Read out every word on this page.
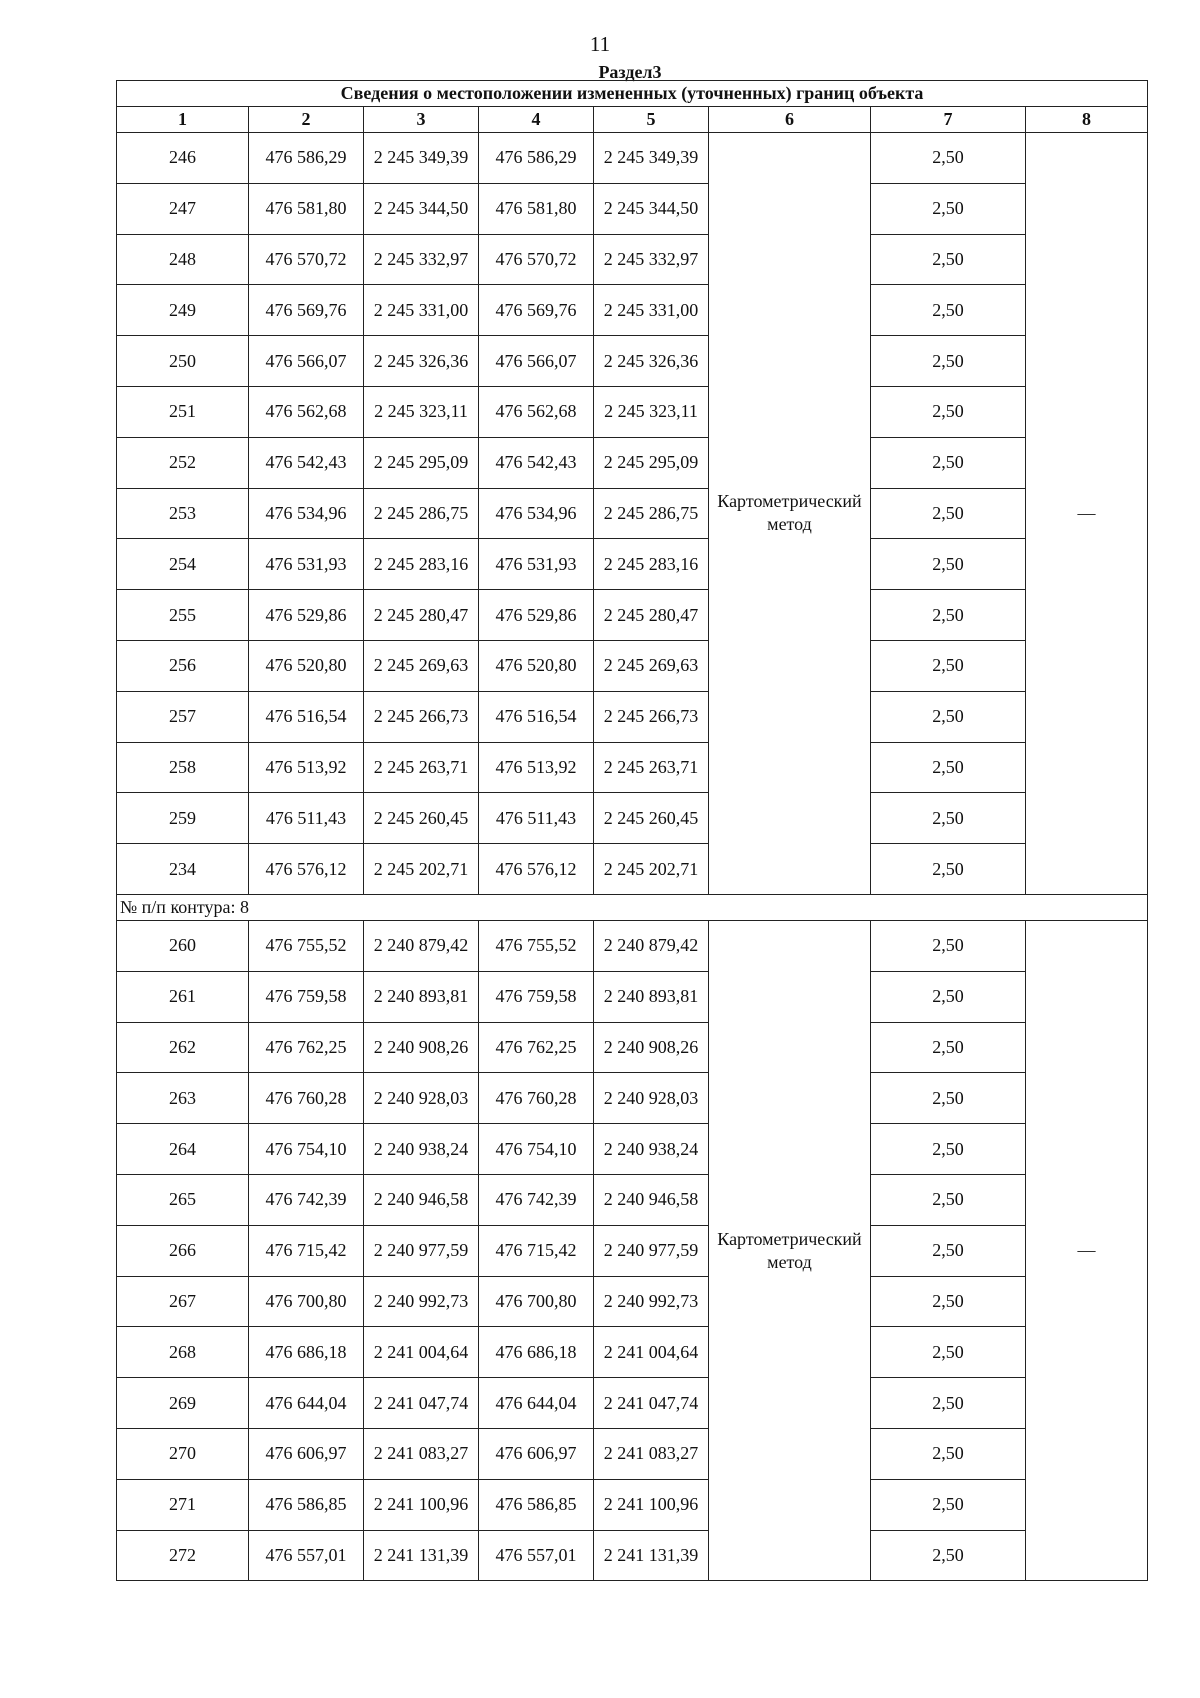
11
Раздел3
Сведения о местоположении измененных (уточненных) границ объекта							
1	2	3	4	5	6	7	8
246	476 586,29	2 245 349,39	476 586,29	2 245 349,39	Картометрический метод	2,50	—
247	476 581,80	2 245 344,50	476 581,80	2 245 344,50		2,50	
248	476 570,72	2 245 332,97	476 570,72	2 245 332,97		2,50	
249	476 569,76	2 245 331,00	476 569,76	2 245 331,00		2,50	
250	476 566,07	2 245 326,36	476 566,07	2 245 326,36		2,50	
251	476 562,68	2 245 323,11	476 562,68	2 245 323,11		2,50	
252	476 542,43	2 245 295,09	476 542,43	2 245 295,09		2,50	
253	476 534,96	2 245 286,75	476 534,96	2 245 286,75		2,50	
254	476 531,93	2 245 283,16	476 531,93	2 245 283,16		2,50	
255	476 529,86	2 245 280,47	476 529,86	2 245 280,47		2,50	
256	476 520,80	2 245 269,63	476 520,80	2 245 269,63		2,50	
257	476 516,54	2 245 266,73	476 516,54	2 245 266,73		2,50	
258	476 513,92	2 245 263,71	476 513,92	2 245 263,71		2,50	
259	476 511,43	2 245 260,45	476 511,43	2 245 260,45		2,50	
234	476 576,12	2 245 202,71	476 576,12	2 245 202,71		2,50	
№ п/п контура: 8							
260	476 755,52	2 240 879,42	476 755,52	2 240 879,42	Картометрический метод	2,50	—
261	476 759,58	2 240 893,81	476 759,58	2 240 893,81		2,50	
262	476 762,25	2 240 908,26	476 762,25	2 240 908,26		2,50	
263	476 760,28	2 240 928,03	476 760,28	2 240 928,03		2,50	
264	476 754,10	2 240 938,24	476 754,10	2 240 938,24		2,50	
265	476 742,39	2 240 946,58	476 742,39	2 240 946,58		2,50	
266	476 715,42	2 240 977,59	476 715,42	2 240 977,59		2,50	
267	476 700,80	2 240 992,73	476 700,80	2 240 992,73		2,50	
268	476 686,18	2 241 004,64	476 686,18	2 241 004,64		2,50	
269	476 644,04	2 241 047,74	476 644,04	2 241 047,74		2,50	
270	476 606,97	2 241 083,27	476 606,97	2 241 083,27		2,50	
271	476 586,85	2 241 100,96	476 586,85	2 241 100,96		2,50	
272	476 557,01	2 241 131,39	476 557,01	2 241 131,39		2,50	
